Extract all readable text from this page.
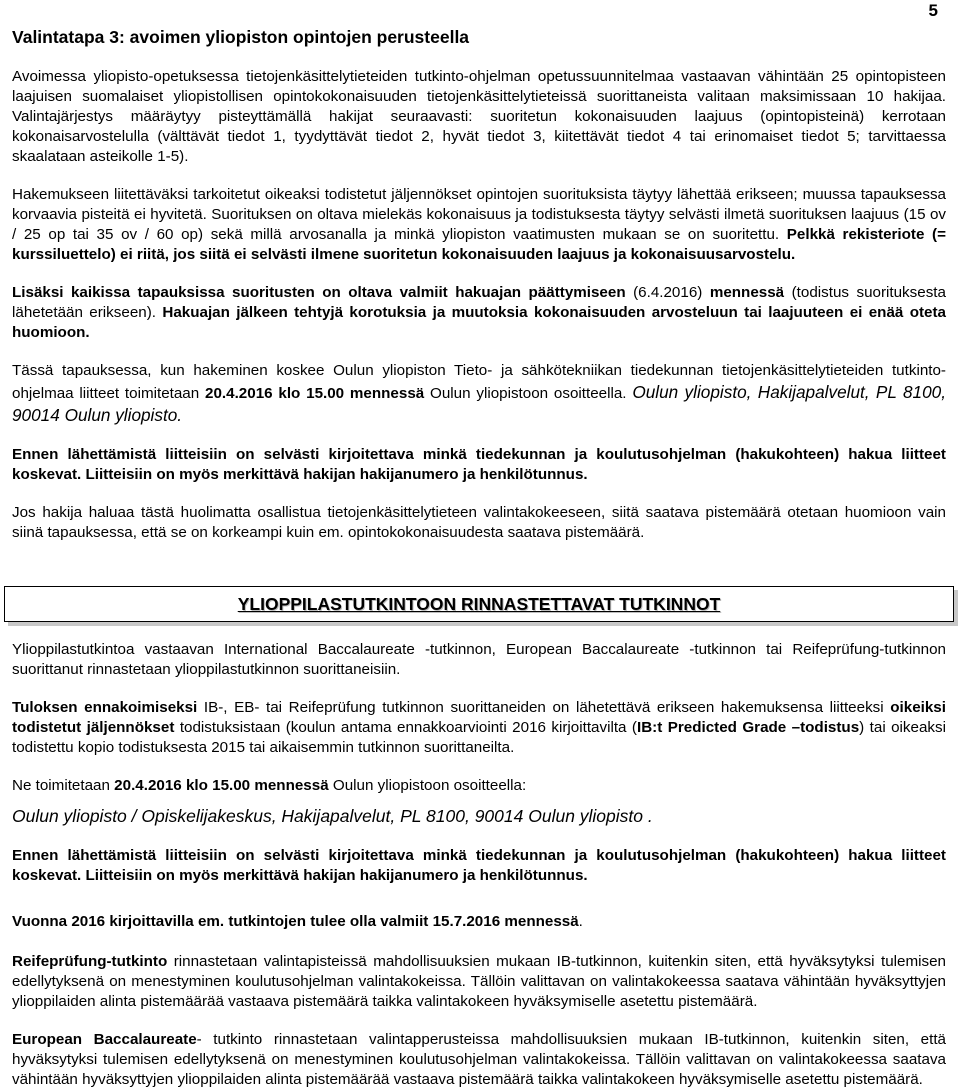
5
Valintatapa 3: avoimen yliopiston opintojen perusteella

Avoimessa yliopisto-opetuksessa tietojenkäsittelytieteiden tutkinto-ohjelman opetussuunnitelmaa vastaavan vähintään 25 opintopisteen laajuisen suomalaiset yliopistollisen opintokokonaisuuden tietojenkäsittelytieteissä suorittaneista valitaan maksimissaan 10 hakijaa. Valintajärjestys määräytyy pisteyttämällä hakijat seuraavasti: suoritetun kokonaisuuden laajuus (opintopisteinä) kerrotaan kokonaisarvostelulla (välttävät tiedot 1, tyydyttävät tiedot 2, hyvät tiedot 3, kiitettävät tiedot 4 tai erinomaiset tiedot 5; tarvittaessa skaalataan asteikolle 1-5).

Hakemukseen liitettäväksi tarkoitetut oikeaksi todistetut jäljennökset opintojen suorituksista täytyy lähettää erikseen; muussa tapauksessa korvaavia pisteitä ei hyvitetä. Suorituksen on oltava mielekäs kokonaisuus ja todistuksesta täytyy selvästi ilmetä suorituksen laajuus (15 ov / 25 op tai 35 ov / 60 op) sekä millä arvosanalla ja minkä yliopiston vaatimusten mukaan se on suoritettu. Pelkkä rekisteriote (= kurssiluettelo) ei riitä, jos siitä ei selvästi ilmene suoritetun kokonaisuuden laajuus ja kokonaisuusarvostelu.

Lisäksi kaikissa tapauksissa suoritusten on oltava valmiit hakuajan päättymiseen (6.4.2016) mennessä (todistus suorituksesta lähetetään erikseen). Hakuajan jälkeen tehtyjä korotuksia ja muutoksia kokonaisuuden arvosteluun tai laajuuteen ei enää oteta huomioon.

Tässä tapauksessa, kun hakeminen koskee Oulun yliopiston Tieto- ja sähkötekniikan tiedekunnan tietojenkäsittelytieteiden tutkinto-ohjelmaa liitteet toimitetaan 20.4.2016 klo 15.00 mennessä Oulun yliopistoon osoitteella. Oulun yliopisto, Hakijapalvelut, PL 8100, 90014 Oulun yliopisto.

Ennen lähettämistä liitteisiin on selvästi kirjoitettava minkä tiedekunnan ja koulutusohjelman (hakukohteen) hakua liitteet koskevat. Liitteisiin on myös merkittävä hakijan hakijanumero ja henkilötunnus.

Jos hakija haluaa tästä huolimatta osallistua tietojenkäsittelytieteen valintakokeeseen, siitä saatava pistemäärä otetaan huomioon vain siinä tapauksessa, että se on korkeampi kuin em. opintokokonaisuudesta saatava pistemäärä.

YLIOPPILASTUTKINTOON RINNASTETTAVAT TUTKINNOT

Ylioppilastutkintoa vastaavan International Baccalaureate -tutkinnon, European Baccalaureate -tutkinnon tai Reifeprüfung-tutkinnon suorittanut rinnastetaan ylioppilastutkinnon suorittaneisiin.

Tuloksen ennakoimiseksi IB-, EB- tai Reifeprüfung tutkinnon suorittaneiden on lähetettävä erikseen hakemuksensa liitteeksi oikeiksi todistetut jäljennökset todistuksistaan (koulun antama ennakkoarviointi 2016 kirjoittavilta (IB:t Predicted Grade –todistus) tai oikeaksi todistettu kopio todistuksesta 2015 tai aikaisemmin tutkinnon suorittaneilta.

Ne toimitetaan 20.4.2016 klo 15.00 mennessä Oulun yliopistoon osoitteella:

Oulun yliopisto / Opiskelijakeskus, Hakijapalvelut, PL 8100, 90014 Oulun yliopisto .

Ennen lähettämistä liitteisiin on selvästi kirjoitettava minkä tiedekunnan ja koulutusohjelman (hakukohteen) hakua liitteet koskevat. Liitteisiin on myös merkittävä hakijan hakijanumero ja henkilötunnus.

Vuonna 2016 kirjoittavilla em. tutkintojen tulee olla valmiit 15.7.2016 mennessä.

Reifeprüfung-tutkinto rinnastetaan valintapisteissä mahdollisuuksien mukaan IB-tutkinnon, kuitenkin siten, että hyväksytyksi tulemisen edellytyksenä on menestyminen koulutusohjelman valintakokeissa. Tällöin valittavan on valintakokeessa saatava vähintään hyväksyttyjen ylioppilaiden alinta pistemäärää vastaava pistemäärä taikka valintakokeen hyväksymiselle asetettu pistemäärä.

European Baccalaureate- tutkinto rinnastetaan valintapperusteissa mahdollisuuksien mukaan IB-tutkinnon, kuitenkin siten, että hyväksytyksi tulemisen edellytyksenä on menestyminen koulutusohjelman valintakokeissa. Tällöin valittavan on valintakokeessa saatava vähintään hyväksyttyjen ylioppilaiden alinta pistemäärää vastaava pistemäärä taikka valintakokeen hyväksymiselle asetettu pistemäärä.
